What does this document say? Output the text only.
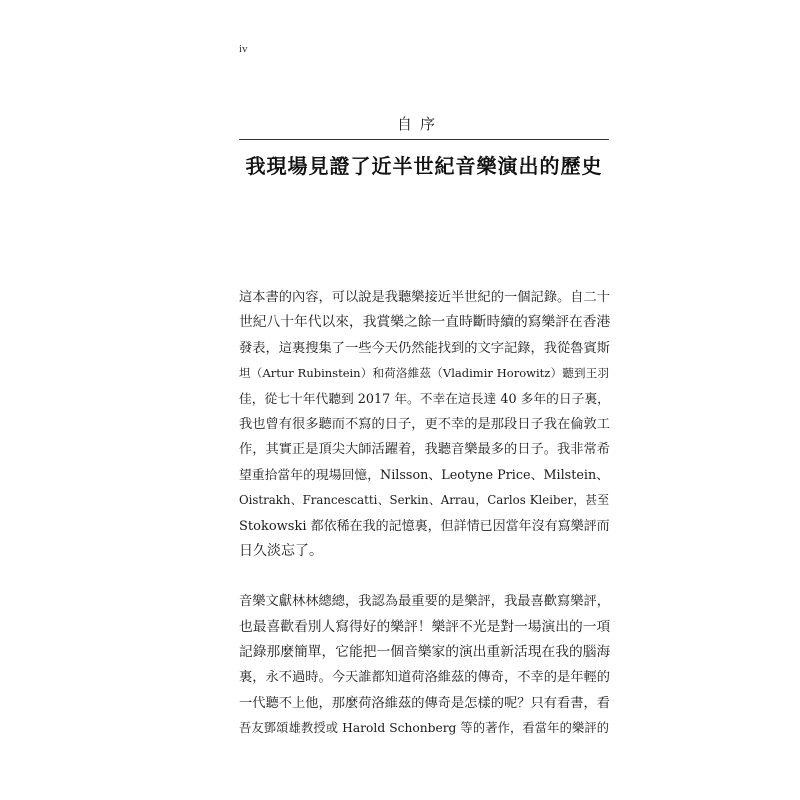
iv
自序
我現場見證了近半世紀音樂演出的歷史

這本書的內容，可以說是我聽樂接近半世紀的一個記錄。自二十
世紀八十年代以來，我賞樂之餘一直時斷時續的寫樂評在香港
發表，這裏搜集了一些今天仍然能找到的文字記錄，我從魯賓斯
坦（Artur Rubinstein）和荷洛維茲（Vladimir Horowitz）聽到王羽
佳，從七十年代聽到 2017 年。不幸在這長達 40 多年的日子裏，
我也曾有很多聽而不寫的日子，更不幸的是那段日子我在倫敦工
作，其實正是頂尖大師活躍着，我聽音樂最多的日子。我非常希
望重拾當年的現場回憶，Nilsson、Leotyne Price、Milstein、
Oistrakh、Francescatti、Serkin、Arrau，Carlos Kleiber，甚至
Stokowski 都依稀在我的記憶裏，但詳情已因當年沒有寫樂評而
日久淡忘了。

音樂文獻林林總總，我認為最重要的是樂評，我最喜歡寫樂評，
也最喜歡看別人寫得好的樂評！樂評不光是對一場演出的一項
記錄那麼簡單，它能把一個音樂家的演出重新活現在我的腦海
裏，永不過時。今天誰都知道荷洛維茲的傳奇，不幸的是年輕的
一代聽不上他，那麼荷洛維茲的傳奇是怎樣的呢？只有看書，看
吾友鄧頌雄教授或 Harold Schonberg 等的著作，看當年的樂評的
